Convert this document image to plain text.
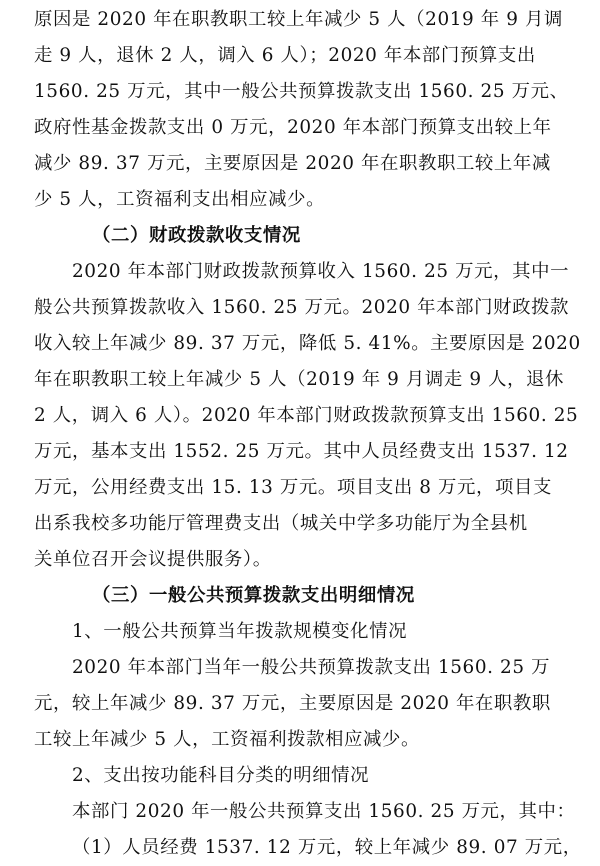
原因是 2020 年在职教职工较上年减少 5 人（2019 年 9 月调
走 9 人，退休 2 人，调入 6 人）；2020 年本部门预算支出
1560. 25 万元，其中一般公共预算拨款支出 1560. 25 万元、
政府性基金拨款支出 0 万元，2020 年本部门预算支出较上年
减少 89. 37 万元，主要原因是 2020 年在职教职工较上年减
少 5 人，工资福利支出相应减少。
（二）财政拨款收支情况
2020 年本部门财政拨款预算收入 1560. 25 万元，其中一
般公共预算拨款收入 1560. 25 万元。2020 年本部门财政拨款
收入较上年减少 89. 37 万元，降低 5. 41%。主要原因是 2020
年在职教职工较上年减少 5 人（2019 年 9 月调走 9 人，退休
2 人，调入 6 人）。2020 年本部门财政拨款预算支出 1560. 25
万元，基本支出 1552. 25 万元。其中人员经费支出 1537. 12
万元，公用经费支出 15. 13 万元。项目支出 8 万元，项目支
出系我校多功能厅管理费支出（城关中学多功能厅为全县机
关单位召开会议提供服务）。
（三）一般公共预算拨款支出明细情况
1、一般公共预算当年拨款规模变化情况
2020 年本部门当年一般公共预算拨款支出 1560. 25 万
元，较上年减少 89. 37 万元，主要原因是 2020 年在职教职
工较上年减少 5 人，工资福利拨款相应减少。
2、支出按功能科目分类的明细情况
本部门 2020 年一般公共预算支出 1560. 25 万元，其中：
（1）人员经费 1537. 12 万元，较上年减少 89. 07 万元，
